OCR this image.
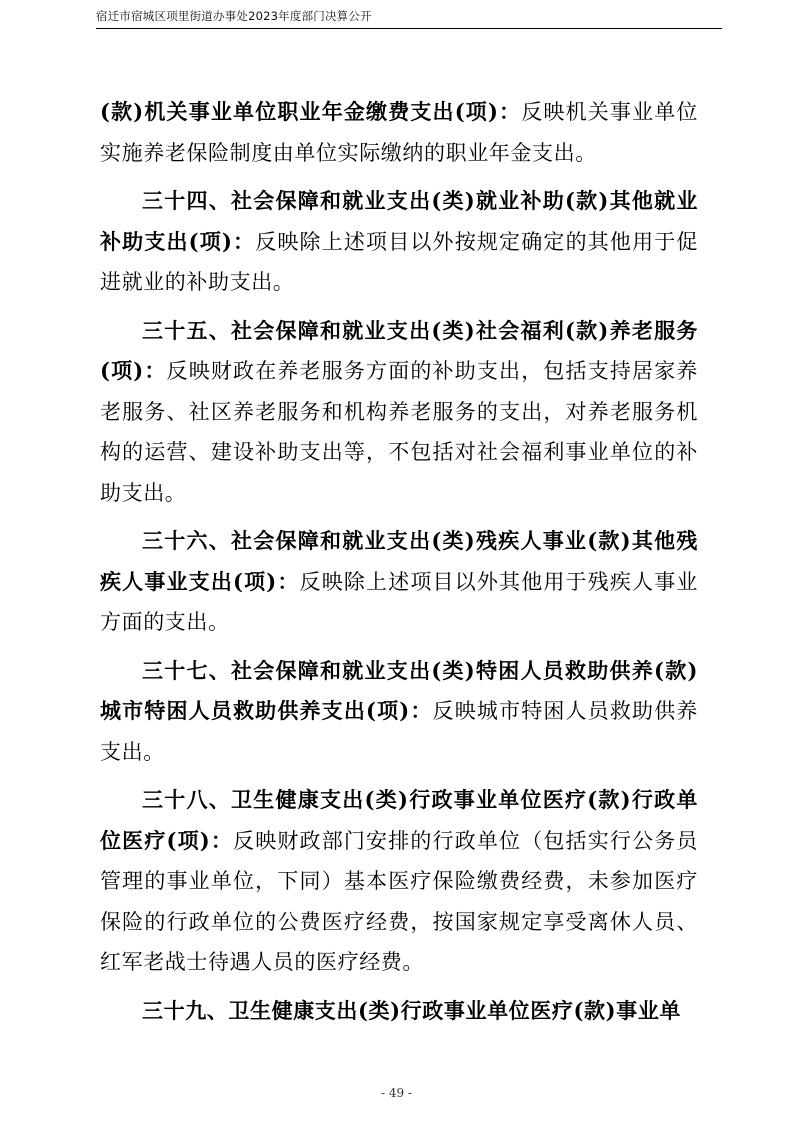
宿迁市宿城区项里街道办事处2023年度部门决算公开

(款)机关事业单位职业年金缴费支出(项)：反映机关事业单位实施养老保险制度由单位实际缴纳的职业年金支出。

三十四、社会保障和就业支出(类)就业补助(款)其他就业补助支出(项)：反映除上述项目以外按规定确定的其他用于促进就业的补助支出。

三十五、社会保障和就业支出(类)社会福利(款)养老服务(项)：反映财政在养老服务方面的补助支出，包括支持居家养老服务、社区养老服务和机构养老服务的支出，对养老服务机构的运营、建设补助支出等，不包括对社会福利事业单位的补助支出。

三十六、社会保障和就业支出(类)残疾人事业(款)其他残疾人事业支出(项)：反映除上述项目以外其他用于残疾人事业方面的支出。

三十七、社会保障和就业支出(类)特困人员救助供养(款)城市特困人员救助供养支出(项)：反映城市特困人员救助供养支出。

三十八、卫生健康支出(类)行政事业单位医疗(款)行政单位医疗(项)：反映财政部门安排的行政单位（包括实行公务员管理的事业单位，下同）基本医疗保险缴费经费，未参加医疗保险的行政单位的公费医疗经费，按国家规定享受离休人员、红军老战士待遇人员的医疗经费。

三十九、卫生健康支出(类)行政事业单位医疗(款)事业单

- 49 -
